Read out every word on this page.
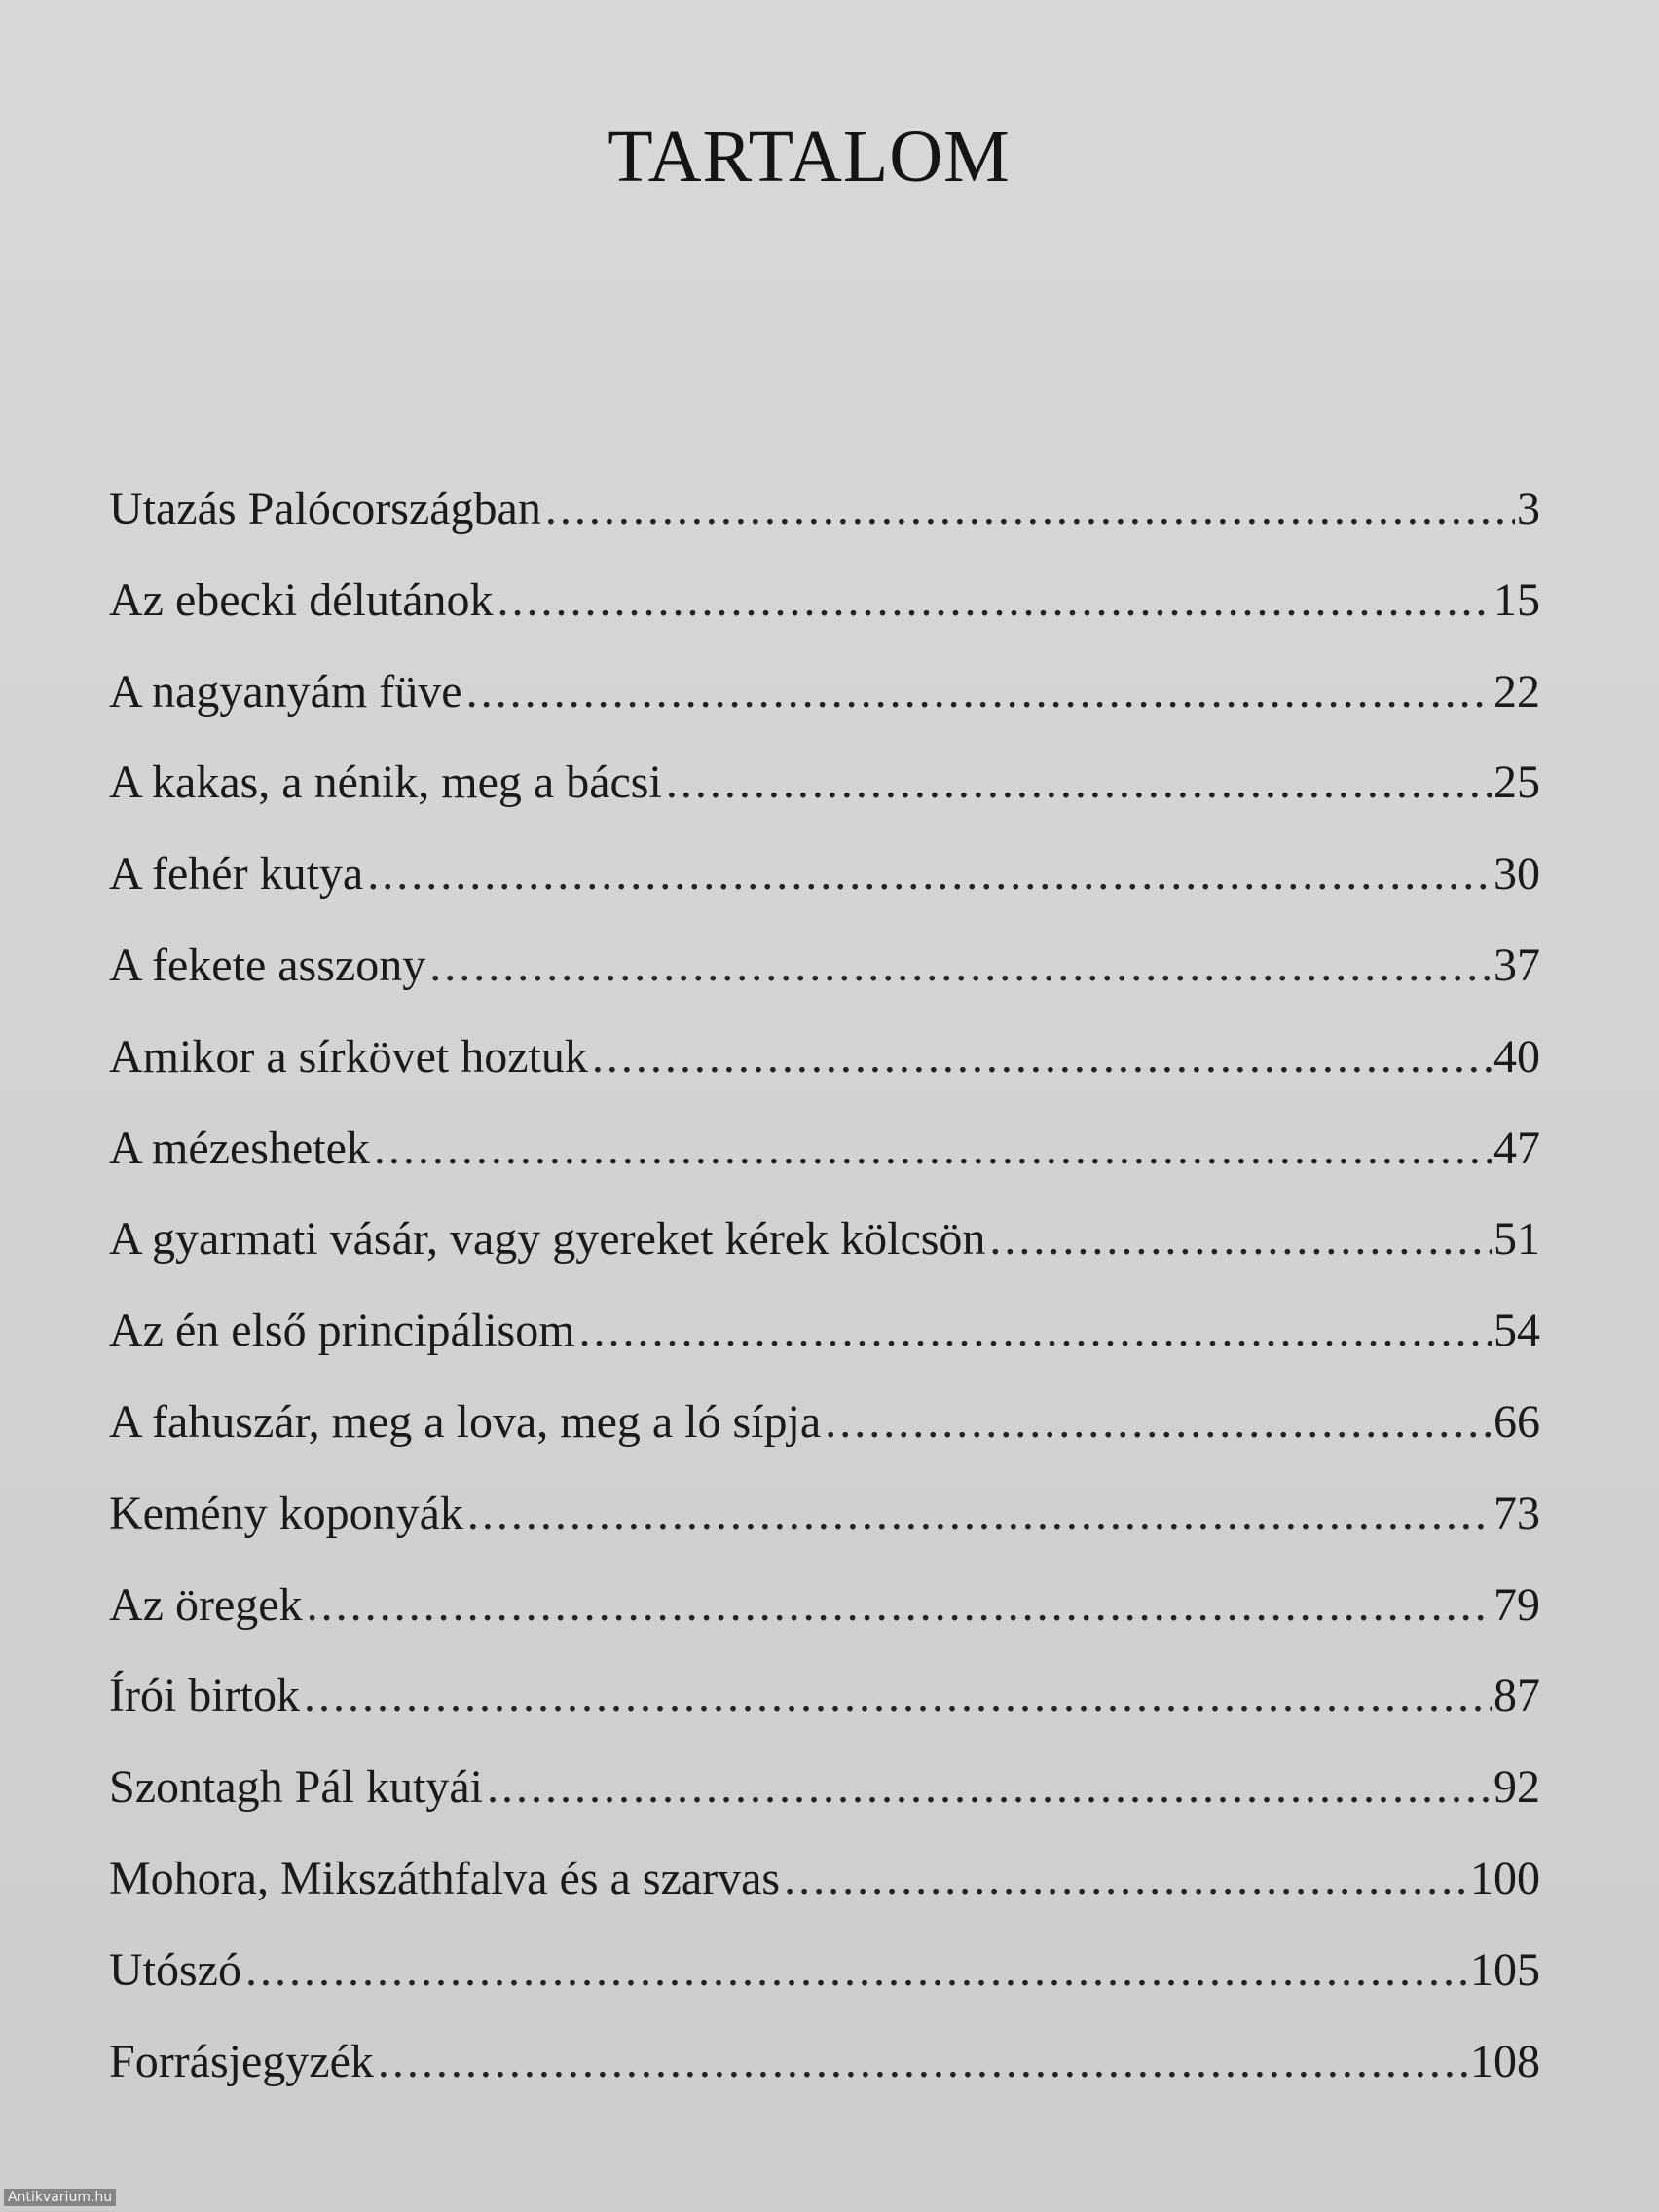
TARTALOM
Utazás Palócországban .....	3
Az ebecki délutánok .....	15
A nagyanyám füve .....	22
A kakas, a nénik, meg a bácsi .....	25
A fehér kutya .....	30
A fekete asszony .....	37
Amikor a sírkövet hoztuk .....	40
A mézeshetek .....	47
A gyarmati vásár, vagy gyereket kérek kölcsön .....	51
Az én első principálisom .....	54
A fahuszár, meg a lova, meg a ló sípja .....	66
Kemény koponyák .....	73
Az öregek .....	79
Írói birtok .....	87
Szontagh Pál kutyái .....	92
Mohora, Mikszáthfalva és a szarvas .....	100
Utószó .....	105
Forrásjegyzék .....	108
Antikvarium.hu
